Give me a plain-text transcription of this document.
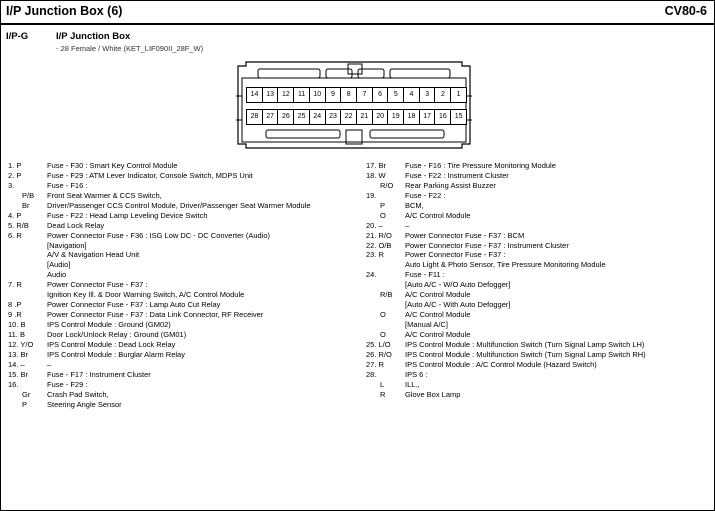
I/P Junction Box (6)	CV80-6
I/P-G	I/P Junction Box
- 28 Female / White (KET_LIF090II_28F_W)
14	13	12	11	10	9	8	7	6	5	4	3	2	1
28	27	26	25	24	23	22	21	20	19	18	17	16	15
1. P	Fuse - F30 : Smart Key Control Module
2. P	Fuse - F29 : ATM Lever Indicator, Console Switch, MDPS Unit
3.	Fuse - F16 :
P/B Front Seat Warmer & CCS Switch,
Br Driver/Passenger CCS Control Module, Driver/Passenger Seat Warmer Module
4. P	Fuse - F22 : Head Lamp Leveling Device Switch
5. R/B Dead Lock Relay
6. R	Power Connector Fuse - F36 : ISG Low DC - DC Converter (Audio)
[Navigation]
A/V & Navigation Head Unit
[Audio]
Audio
7. R	Power Connector Fuse - F37 :
Ignition Key Ill. & Door Warning Switch, A/C Control Module
8 .P	Power Connector Fuse - F37 : Lamp Auto Cut Relay
9 .R	Power Connector Fuse - F37 : Data Link Connector, RF Receiver
10. B	IPS Control Module : Ground (GM02)
11. B	Door Lock/Unlock Relay : Ground (GM01)
12. Y/O IPS Control Module : Dead Lock Relay
13. Br	IPS Control Module : Burglar Alarm Relay
14. –	–
15. Br	Fuse - F17 : Instrument Cluster
16.	Fuse - F29 :
Gr Crash Pad Switch,
P	Steering Angle Sensor
17. Br	Fuse - F16 : Tire Pressure Monitoring Module
18. W	Fuse - F22 : Instrument Cluster
R/O Rear Parking Assist Buzzer
19.	Fuse - F22 :
P	BCM,
O	A/C Control Module
20. –	–
21. R/O Power Connector Fuse - F37 : BCM
22. O/B Power Connector Fuse - F37 : Instrument Cluster
23. R	Power Connector Fuse - F37 :
Auto Light & Photo Sensor, Tire Pressure Monitoring Module
24.	Fuse - F11 :
[Auto A/C - W/O Auto Defogger]
R/B A/C Control Module
[Auto A/C - With Auto Defogger]
O	A/C Control Module
[Manual A/C]
O	A/C Control Module
25. L/O IPS Control Module : Multifunction Switch (Turn Signal Lamp Switch LH)
26. R/O IPS Control Module : Multifunction Switch (Turn Signal Lamp Switch RH)
27. R	IPS Control Module : A/C Control Module (Hazard Switch)
28.	IPS 6 :
L	ILL.,
R	Glove Box Lamp
